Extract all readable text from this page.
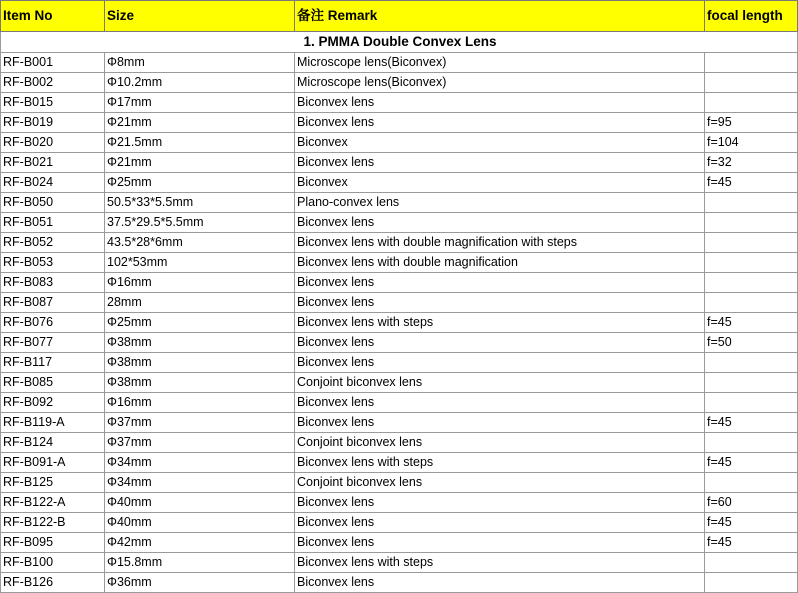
Item No	Size	备注 Remark	focal length
1. PMMA Double Convex Lens			
RF-B001	Φ8mm	Microscope lens(Biconvex)	
RF-B002	Φ10.2mm	Microscope lens(Biconvex)	
RF-B015	Φ17mm	Biconvex lens	
RF-B019	Φ21mm	Biconvex lens	f=95
RF-B020	Φ21.5mm	Biconvex	f=104
RF-B021	Φ21mm	Biconvex lens	f=32
RF-B024	Φ25mm	Biconvex	f=45
RF-B050	50.5*33*5.5mm	Plano-convex lens	
RF-B051	37.5*29.5*5.5mm	Biconvex lens	
RF-B052	43.5*28*6mm	Biconvex lens with double magnification with steps	
RF-B053	102*53mm	Biconvex lens with double magnification	
RF-B083	Φ16mm	Biconvex lens	
RF-B087	28mm	Biconvex lens	
RF-B076	Φ25mm	Biconvex lens with steps	f=45
RF-B077	Φ38mm	Biconvex lens	f=50
RF-B117	Φ38mm	Biconvex lens	
RF-B085	Φ38mm	Conjoint biconvex lens	
RF-B092	Φ16mm	Biconvex lens	
RF-B119-A	Φ37mm	Biconvex lens	f=45
RF-B124	Φ37mm	Conjoint biconvex lens	
RF-B091-A	Φ34mm	Biconvex lens with steps	f=45
RF-B125	Φ34mm	Conjoint biconvex lens	
RF-B122-A	Φ40mm	Biconvex lens	f=60
RF-B122-B	Φ40mm	Biconvex lens	f=45
RF-B095	Φ42mm	Biconvex lens	f=45
RF-B100	Φ15.8mm	Biconvex lens with steps	
RF-B126	Φ36mm	Biconvex lens	
